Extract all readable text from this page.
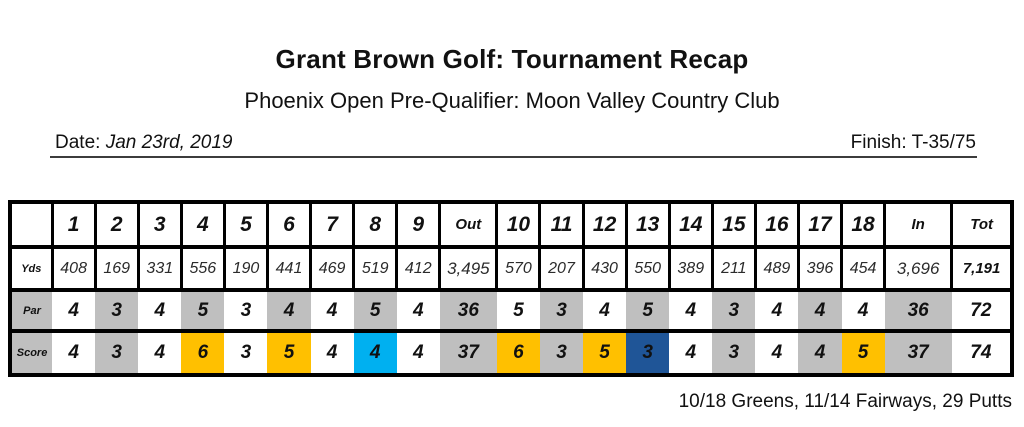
Grant Brown Golf: Tournament Recap
Phoenix Open Pre-Qualifier: Moon Valley Country Club
Date: Jan 23rd, 2019	Finish: T-35/75
	1	2	3	4	5	6	7	8	9	Out	10	11	12	13	14	15	16	17	18	In	Tot
Yds	408	169	331	556	190	441	469	519	412	3,495	570	207	430	550	389	211	489	396	454	3,696	7,191
Par	4	3	4	5	3	4	4	5	4	36	5	3	4	5	4	3	4	4	4	36	72
Score	4	3	4	6	3	5	4	4	4	37	6	3	5	3	4	3	4	4	5	37	74
10/18 Greens, 11/14 Fairways, 29 Putts
